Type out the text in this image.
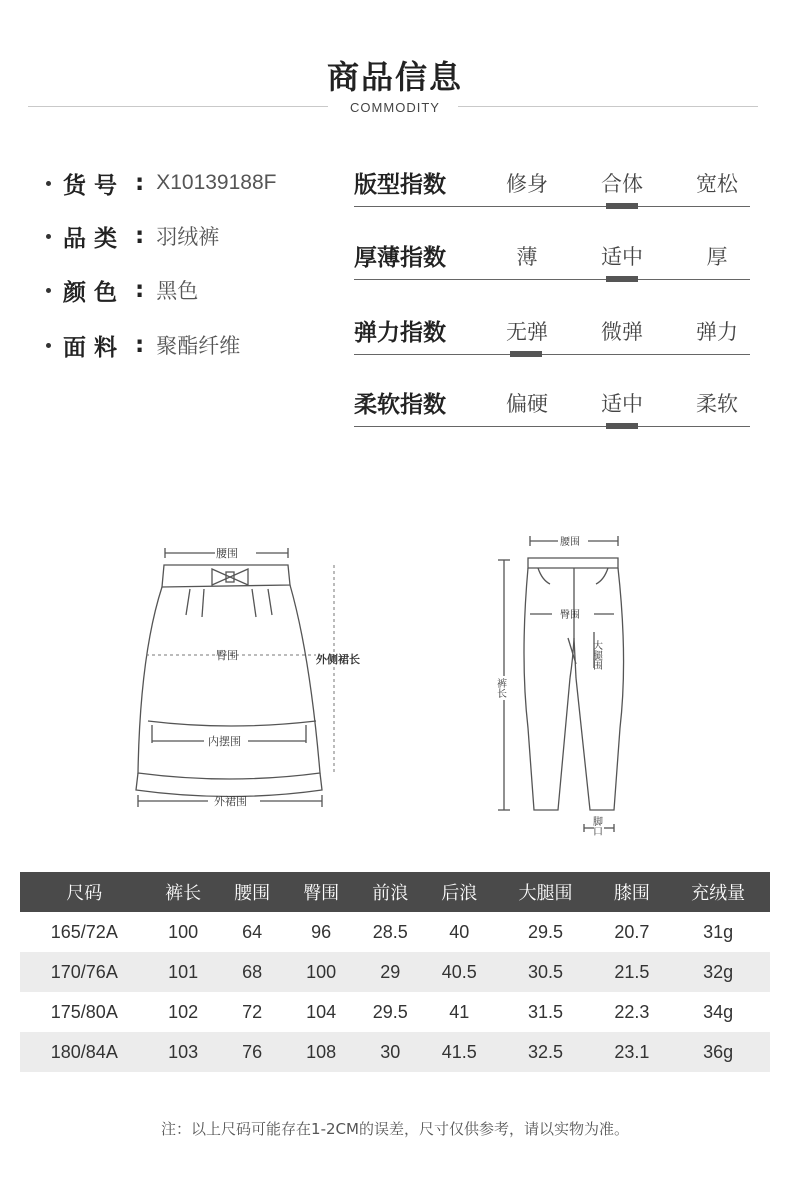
商品信息
COMMODITY
货 号 : X10139188F
品 类 : 羽绒裤
颜 色 : 黑色
面 料 : 聚酯纤维
版型指数	修身	合体	宽松
厚薄指数	薄	适中	厚
弹力指数	无弹	微弹	弹力
柔软指数	偏硬	适中	柔软
腰围
臀围	外侧裙长
内摆围
外裙围
腰围
臀围
大腿围
裤长
脚口
尺码	裤长	腰围	臀围	前浪	后浪	大腿围	膝围	充绒量
165/72A	100	64	96	28.5	40	29.5	20.7	31g
170/76A	101	68	100	29	40.5	30.5	21.5	32g
175/80A	102	72	104	29.5	41	31.5	22.3	34g
180/84A	103	76	108	30	41.5	32.5	23.1	36g
注：以上尺码可能存在1-2CM的误差，尺寸仅供参考，请以实物为准。
